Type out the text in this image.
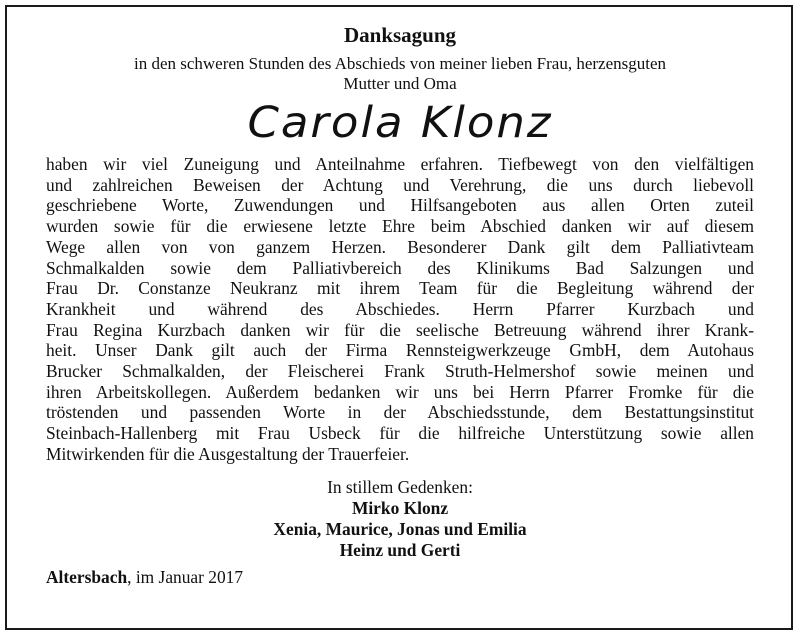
Danksagung

in den schweren Stunden des Abschieds von meiner lieben Frau, herzensguten
Mutter und Oma

Carola Klonz
haben wir viel Zuneigung und Anteilnahme erfahren. Tiefbewegt von den vielfältigen
und zahlreichen Beweisen der Achtung und Verehrung, die uns durch liebevoll
geschriebene Worte, Zuwendungen und Hilfsangeboten aus allen Orten zuteil
wurden sowie für die erwiesene letzte Ehre beim Abschied danken wir auf diesem
Wege allen von von ganzem Herzen. Besonderer Dank gilt dem Palliativteam
Schmalkalden sowie dem Palliativbereich des Klinikums Bad Salzungen und
Frau Dr. Constanze Neukranz mit ihrem Team für die Begleitung während der
Krankheit und während des Abschiedes. Herrn Pfarrer Kurzbach und
Frau Regina Kurzbach danken wir für die seelische Betreuung während ihrer Krank-
heit. Unser Dank gilt auch der Firma Rennsteigwerkzeuge GmbH, dem Autohaus
Brucker Schmalkalden, der Fleischerei Frank Struth-Helmershof sowie meinen und
ihren Arbeitskollegen. Außerdem bedanken wir uns bei Herrn Pfarrer Fromke für die
tröstenden und passenden Worte in der Abschiedsstunde, dem Bestattungsinstitut
Steinbach-Hallenberg mit Frau Usbeck für die hilfreiche Unterstützung sowie allen
Mitwirkenden für die Ausgestaltung der Trauerfeier.
In stillem Gedenken:
Mirko Klonz
Xenia, Maurice, Jonas und Emilia
Heinz und Gerti
Altersbach, im Januar 2017
